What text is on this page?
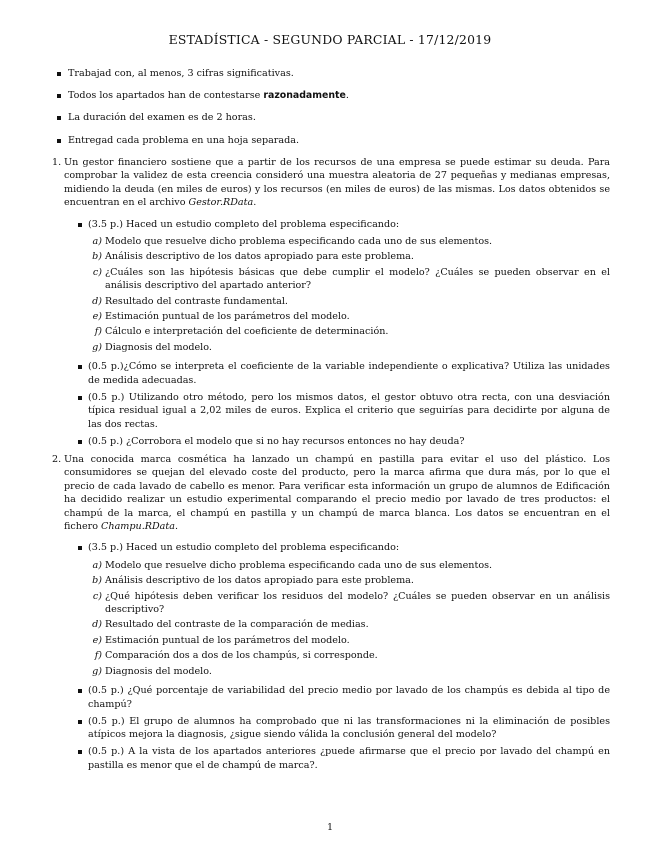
ESTADÍSTICA - SEGUNDO PARCIAL - 17/12/2019
Trabajad con, al menos, 3 cifras significativas.
Todos los apartados han de contestarse razonadamente.
La duración del examen es de 2 horas.
Entregad cada problema en una hoja separada.
1. Un gestor financiero sostiene que a partir de los recursos de una empresa se puede estimar su deuda. Para comprobar la validez de esta creencia consideró una muestra aleatoria de 27 pequeñas y medianas empresas, midiendo la deuda (en miles de euros) y los recursos (en miles de euros) de las mismas. Los datos obtenidos se encuentran en el archivo Gestor.RData.
(3.5 p.) Haced un estudio completo del problema especificando:
a) Modelo que resuelve dicho problema especificando cada uno de sus elementos.
b) Análisis descriptivo de los datos apropiado para este problema.
c) ¿Cuáles son las hipótesis básicas que debe cumplir el modelo? ¿Cuáles se pueden observar en el análisis descriptivo del apartado anterior?
d) Resultado del contraste fundamental.
e) Estimación puntual de los parámetros del modelo.
f) Cálculo e interpretación del coeficiente de determinación.
g) Diagnosis del modelo.
(0.5 p.)¿Cómo se interpreta el coeficiente de la variable independiente o explicativa? Utiliza las unidades de medida adecuadas.
(0.5 p.) Utilizando otro método, pero los mismos datos, el gestor obtuvo otra recta, con una desviación típica residual igual a 2,02 miles de euros. Explica el criterio que seguirías para decidirte por alguna de las dos rectas.
(0.5 p.) ¿Corrobora el modelo que si no hay recursos entonces no hay deuda?
2. Una conocida marca cosmética ha lanzado un champú en pastilla para evitar el uso del plástico. Los consumidores se quejan del elevado coste del producto, pero la marca afirma que dura más, por lo que el precio de cada lavado de cabello es menor. Para verificar esta información un grupo de alumnos de Edificación ha decidido realizar un estudio experimental comparando el precio medio por lavado de tres productos: el champú de la marca, el champú en pastilla y un champú de marca blanca. Los datos se encuentran en el fichero Champu.RData.
(3.5 p.) Haced un estudio completo del problema especificando:
a) Modelo que resuelve dicho problema especificando cada uno de sus elementos.
b) Análisis descriptivo de los datos apropiado para este problema.
c) ¿Qué hipótesis deben verificar los residuos del modelo? ¿Cuáles se pueden observar en un análisis descriptivo?
d) Resultado del contraste de la comparación de medias.
e) Estimación puntual de los parámetros del modelo.
f) Comparación dos a dos de los champús, si corresponde.
g) Diagnosis del modelo.
(0.5 p.) ¿Qué porcentaje de variabilidad del precio medio por lavado de los champús es debida al tipo de champú?
(0.5 p.) El grupo de alumnos ha comprobado que ni las transformaciones ni la eliminación de posibles atípicos mejora la diagnosis, ¿sigue siendo válida la conclusión general del modelo?
(0.5 p.) A la vista de los apartados anteriores ¿puede afirmarse que el precio por lavado del champú en pastilla es menor que el de champú de marca?.
1
